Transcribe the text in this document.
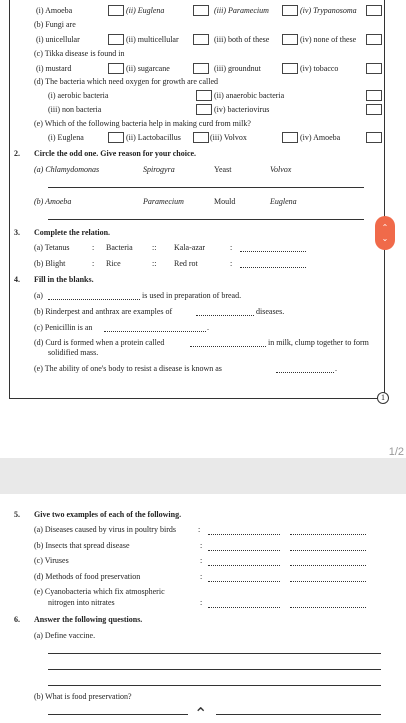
(i) Amoeba	(ii) Euglena	(iii) Paramecium	(iv) Trypanosoma
(b) Fungi are
(i) unicellular	(ii) multicellular	(iii) both of these	(iv) none of these
(c) Tikka disease is found in
(i) mustard	(ii) sugarcane	(iii) groundnut	(iv) tobacco
(d) The bacteria which need oxygen for growth are called
(i) aerobic bacteria	(ii) anaerobic bacteria
(iii) non bacteria	(iv) bacteriovirus
(e) Which of the following bacteria help in making curd from milk?
(i) Euglena	(ii) Lactobacillus	(iii) Volvox	(iv) Amoeba
2. Circle the odd one. Give reason for your choice.
(a) Chlamydomonas	Spirogyra	Yeast	Volvox
(b) Amoeba	Paramecium	Mould	Euglena
⌃
⌄
3. Complete the relation.
(a) Tetanus	: Bacteria :: Kala-azar	:
(b) Blight	: Rice	:: Red rot	:
4. Fill in the blanks.
(a)	is used in preparation of bread.
(b) Rinderpest and anthrax are examples of	diseases.
(c) Penicillin is an	.
(d) Curd is formed when a protein called	in milk, clump together to form
solidified mass.
(e) The ability of one's body to resist a disease is known as	.
1
1/2
5. Give two examples of each of the following.
(a) Diseases caused by virus in poultry birds	:
(b) Insects that spread disease	:
(c) Viruses	:
(d) Methods of food preservation	:
(e) Cyanobacteria which fix atmospheric
nitrogen into nitrates	:
6. Answer the following questions.
(a) Define vaccine.
(b) What is food preservation?
⌃
